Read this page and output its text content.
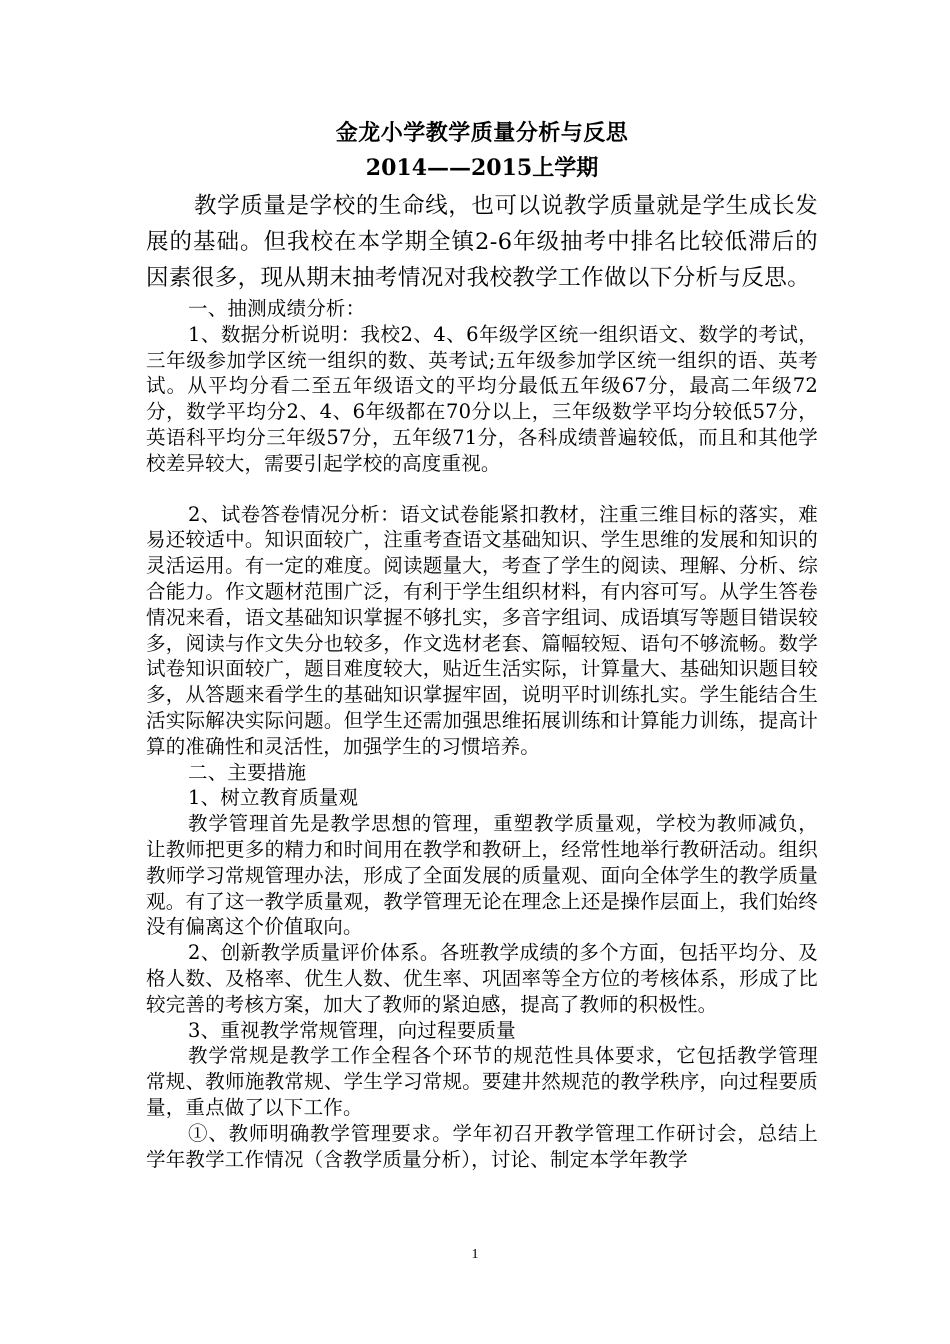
金龙小学教学质量分析与反思
2014——2015上学期

教学质量是学校的生命线，也可以说教学质量就是学生成长发展的基础。但我校在本学期全镇2-6年级抽考中排名比较低滞后的因素很多，现从期末抽考情况对我校教学工作做以下分析与反思。

一、抽测成绩分析：

1、数据分析说明：我校2、4、6年级学区统一组织语文、数学的考试，三年级参加学区统一组织的数、英考试;五年级参加学区统一组织的语、英考试。从平均分看二至五年级语文的平均分最低五年级67分，最高二年级72分，数学平均分2、4、6年级都在70分以上，三年级数学平均分较低57分，英语科平均分三年级57分，五年级71分，各科成绩普遍较低，而且和其他学校差异较大，需要引起学校的高度重视。

2、试卷答卷情况分析：语文试卷能紧扣教材，注重三维目标的落实，难易还较适中。知识面较广，注重考查语文基础知识、学生思维的发展和知识的灵活运用。有一定的难度。阅读题量大，考查了学生的阅读、理解、分析、综合能力。作文题材范围广泛，有利于学生组织材料，有内容可写。从学生答卷情况来看，语文基础知识掌握不够扎实，多音字组词、成语填写等题目错误较多，阅读与作文失分也较多，作文选材老套、篇幅较短、语句不够流畅。数学试卷知识面较广，题目难度较大，贴近生活实际，计算量大、基础知识题目较多，从答题来看学生的基础知识掌握牢固，说明平时训练扎实。学生能结合生活实际解决实际问题。但学生还需加强思维拓展训练和计算能力训练，提高计算的准确性和灵活性，加强学生的习惯培养。

二、主要措施

1、树立教育质量观

教学管理首先是教学思想的管理，重塑教学质量观，学校为教师减负，让教师把更多的精力和时间用在教学和教研上，经常性地举行教研活动。组织教师学习常规管理办法，形成了全面发展的质量观、面向全体学生的教学质量观。有了这一教学质量观，教学管理无论在理念上还是操作层面上，我们始终没有偏离这个价值取向。

2、创新教学质量评价体系。各班教学成绩的多个方面，包括平均分、及格人数、及格率、优生人数、优生率、巩固率等全方位的考核体系，形成了比较完善的考核方案，加大了教师的紧迫感，提高了教师的积极性。

3、重视教学常规管理，向过程要质量

教学常规是教学工作全程各个环节的规范性具体要求，它包括教学管理常规、教师施教常规、学生学习常规。要建井然规范的教学秩序，向过程要质量，重点做了以下工作。

①、教师明确教学管理要求。学年初召开教学管理工作研讨会，总结上学年教学工作情况（含教学质量分析），讨论、制定本学年教学

1
